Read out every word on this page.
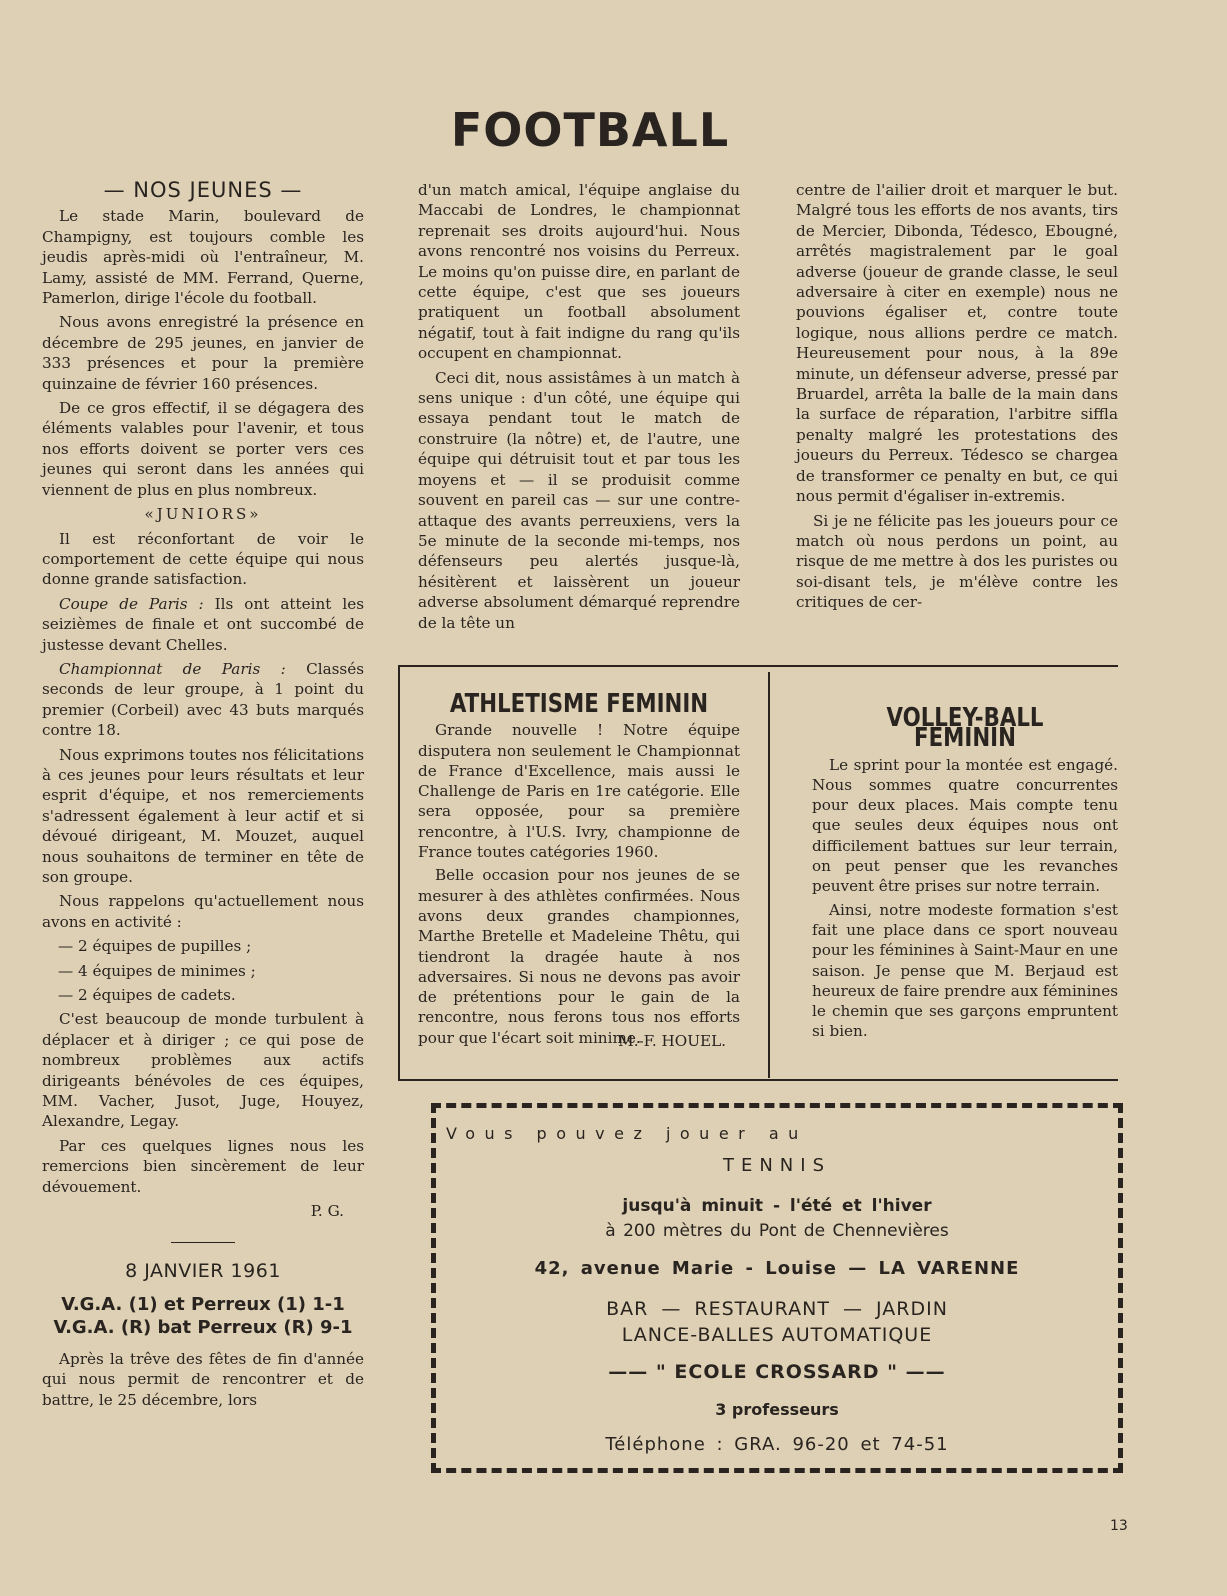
FOOTBALL
— NOS JEUNES —

Le stade Marin, boulevard de Champigny, est toujours comble les jeudis après-midi où l'entraîneur, M. Lamy, assisté de MM. Ferrand, Querne, Pamerlon, dirige l'école du football.

Nous avons enregistré la présence en décembre de 295 jeunes, en janvier de 333 présences et pour la première quinzaine de février 160 présences.

De ce gros effectif, il se dégagera des éléments valables pour l'avenir, et tous nos efforts doivent se porter vers ces jeunes qui seront dans les années qui viennent de plus en plus nombreux.

«JUNIORS»

Il est réconfortant de voir le comportement de cette équipe qui nous donne grande satisfaction.

Coupe de Paris : Ils ont atteint les seizièmes de finale et ont succombé de justesse devant Chelles.

Championnat de Paris : Classés seconds de leur groupe, à 1 point du premier (Corbeil) avec 43 buts marqués contre 18.

Nous exprimons toutes nos félicitations à ces jeunes pour leurs résultats et leur esprit d'équipe, et nos remerciements s'adressent également à leur actif et si dévoué dirigeant, M. Mouzet, auquel nous souhaitons de terminer en tête de son groupe.

Nous rappelons qu'actuellement nous avons en activité :

— 2 équipes de pupilles ;

— 4 équipes de minimes ;

— 2 équipes de cadets.

C'est beaucoup de monde turbulent à déplacer et à diriger ; ce qui pose de nombreux problèmes aux actifs dirigeants bénévoles de ces équipes, MM. Vacher, Jusot, Juge, Houyez, Alexandre, Legay.

Par ces quelques lignes nous les remercions bien sincèrement de leur dévouement.

P. G.
8 JANVIER 1961
V.G.A. (1) et Perreux (1) 1-1
V.G.A. (R) bat Perreux (R) 9-1

Après la trêve des fêtes de fin d'année qui nous permit de rencontrer et de battre, le 25 décembre, lors

d'un match amical, l'équipe anglaise du Maccabi de Londres, le championnat reprenait ses droits aujourd'hui. Nous avons rencontré nos voisins du Perreux. Le moins qu'on puisse dire, en parlant de cette équipe, c'est que ses joueurs pratiquent un football absolument négatif, tout à fait indigne du rang qu'ils occupent en championnat.

Ceci dit, nous assistâmes à un match à sens unique : d'un côté, une équipe qui essaya pendant tout le match de construire (la nôtre) et, de l'autre, une équipe qui détruisit tout et par tous les moyens et — il se produisit comme souvent en pareil cas — sur une contre-attaque des avants perreuxiens, vers la 5e minute de la seconde mi-temps, nos défenseurs peu alertés jusque-là, hésitèrent et laissèrent un joueur adverse absolument démarqué reprendre de la tête un

centre de l'ailier droit et marquer le but. Malgré tous les efforts de nos avants, tirs de Mercier, Dibonda, Tédesco, Ebougné, arrêtés magistralement par le goal adverse (joueur de grande classe, le seul adversaire à citer en exemple) nous ne pouvions égaliser et, contre toute logique, nous allions perdre ce match. Heureusement pour nous, à la 89e minute, un défenseur adverse, pressé par Bruardel, arrêta la balle de la main dans la surface de réparation, l'arbitre siffla penalty malgré les protestations des joueurs du Perreux. Tédesco se chargea de transformer ce penalty en but, ce qui nous permit d'égaliser in-extremis.

Si je ne félicite pas les joueurs pour ce match où nous perdons un point, au risque de me mettre à dos les puristes ou soi-disant tels, je m'élève contre les critiques de cer-

ATHLETISME FEMININ

Grande nouvelle ! Notre équipe disputera non seulement le Championnat de France d'Excellence, mais aussi le Challenge de Paris en 1re catégorie. Elle sera opposée, pour sa première rencontre, à l'U.S. Ivry, championne de France toutes catégories 1960.

Belle occasion pour nos jeunes de se mesurer à des athlètes confirmées. Nous avons deux grandes championnes, Marthe Bretelle et Madeleine Thêtu, qui tiendront la dragée haute à nos adversaires. Si nous ne devons pas avoir de prétentions pour le gain de la rencontre, nous ferons tous nos efforts pour que l'écart soit minime.

M.-F. HOUEL.
VOLLEY-BALL FEMININ

Le sprint pour la montée est engagé. Nous sommes quatre concurrentes pour deux places. Mais compte tenu que seules deux équipes nous ont difficilement battues sur leur terrain, on peut penser que les revanches peuvent être prises sur notre terrain.

Ainsi, notre modeste formation s'est fait une place dans ce sport nouveau pour les féminines à Saint-Maur en une saison. Je pense que M. Berjaud est heureux de faire prendre aux féminines le chemin que ses garçons empruntent si bien.

Vous pouvez jouer au
TENNIS
jusqu'à minuit - l'été et l'hiver
à 200 mètres du Pont de Chennevières
42, avenue Marie - Louise — LA VARENNE
BAR — RESTAURANT — JARDIN
LANCE-BALLES AUTOMATIQUE
—— " ECOLE CROSSARD " ——
3 professeurs
Téléphone : GRA. 96-20 et 74-51
13
